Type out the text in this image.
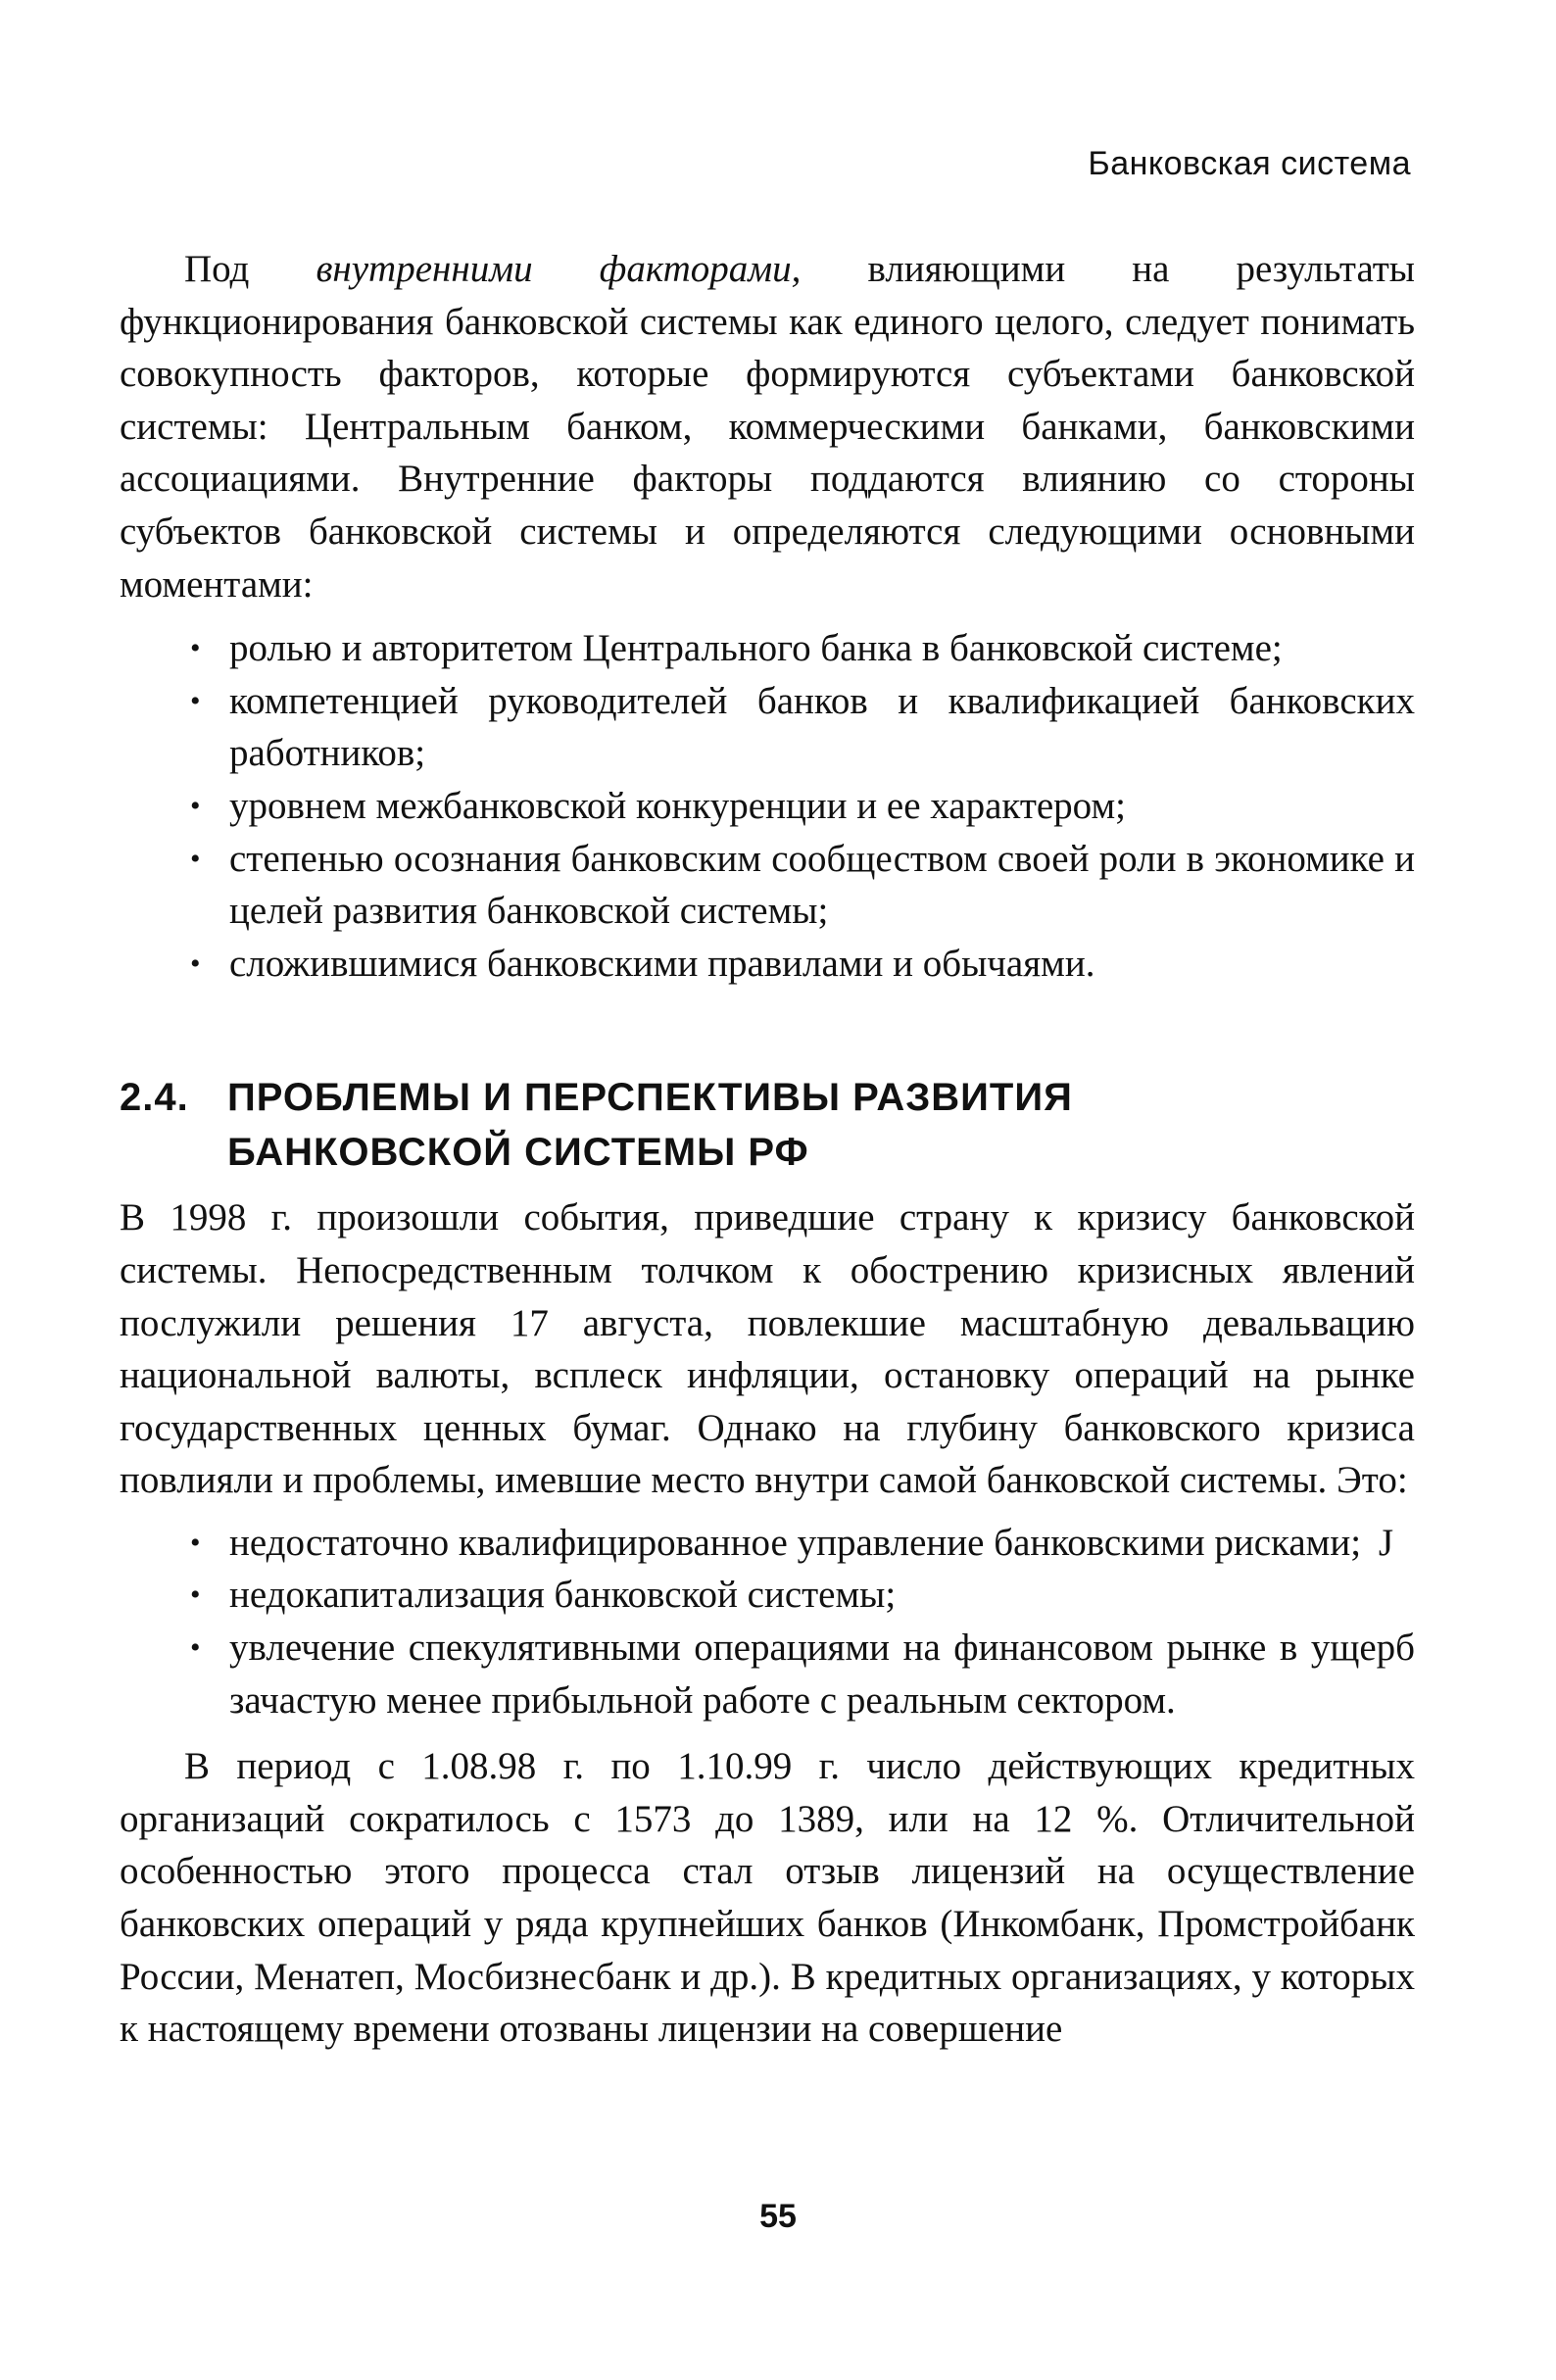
Банковская система

Под внутренними факторами, влияющими на результаты функционирования банковской системы как единого целого, следует понимать совокупность факторов, которые формируются субъектами банковской системы: Центральным банком, коммерческими банками, банковскими ассоциациями. Внутренние факторы поддаются влиянию со стороны субъектов банковской системы и определяются следующими основными моментами:

• ролью и авторитетом Центрального банка в банковской системе;
• компетенцией руководителей банков и квалификацией банковских работников;
• уровнем межбанковской конкуренции и ее характером;
• степенью осознания банковским сообществом своей роли в экономике и целей развития банковской системы;
• сложившимися банковскими правилами и обычаями.
2.4. ПРОБЛЕМЫ И ПЕРСПЕКТИВЫ РАЗВИТИЯ
БАНКОВСКОЙ СИСТЕМЫ РФ

В 1998 г. произошли события, приведшие страну к кризису банковской системы. Непосредственным толчком к обострению кризисных явлений послужили решения 17 августа, повлекшие масштабную девальвацию национальной валюты, всплеск инфляции, остановку операций на рынке государственных ценных бумаг. Однако на глубину банковского кризиса повлияли и проблемы, имевшие место внутри самой банковской системы. Это:

• недостаточно квалифицированное управление банковскими рисками; J
• недокапитализация банковской системы;
• увлечение спекулятивными операциями на финансовом рынке в ущерб зачастую менее прибыльной работе с реальным сектором.

В период с 1.08.98 г. по 1.10.99 г. число действующих кредитных организаций сократилось с 1573 до 1389, или на 12 %. Отличительной особенностью этого процесса стал отзыв лицензий на осуществление банковских операций у ряда крупнейших банков (Инкомбанк, Промстройбанк России, Менатеп, Мосбизнесбанк и др.). В кредитных организациях, у которых к настоящему времени отозваны лицензии на совершение

55
